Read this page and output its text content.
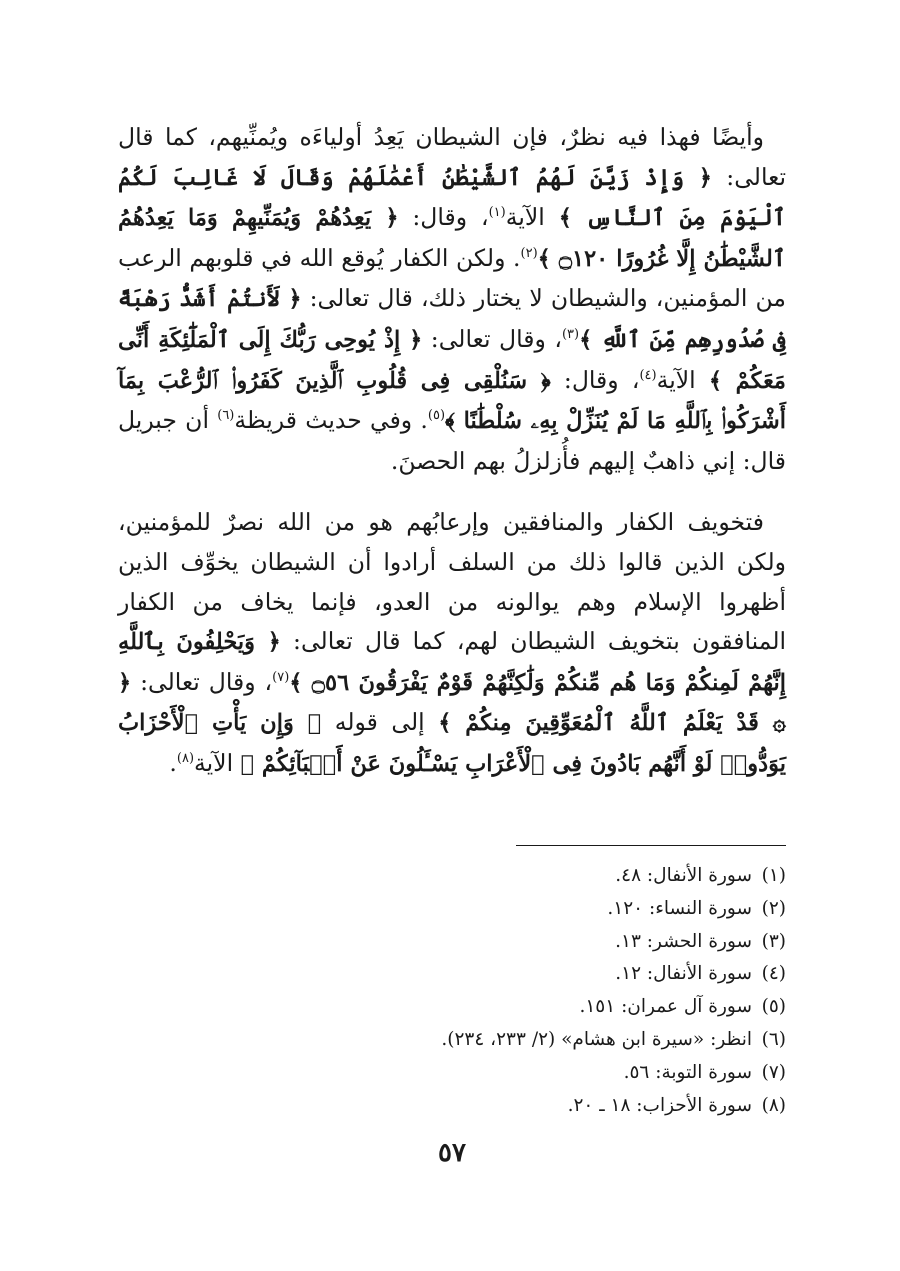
وأيضًا فهذا فيه نظرٌ، فإن الشيطان يَعِدُ أولياءَه ويُمنِّيهم، كما قال تعالى: ﴿ وَإِذْ زَيَّنَ لَهُمُ ٱلشَّيْطَٰنُ أَعْمَٰلَهُمْ وَقَالَ لَا غَالِبَ لَكُمُ ٱلْيَوْمَ مِنَ ٱلنَّاسِ ﴾ الآية$^{(١)}$، وقال: ﴿ يَعِدُهُمْ وَيُمَنِّيهِمْ وَمَا يَعِدُهُمُ ٱلشَّيْطَٰنُ إِلَّا غُرُورًا ۝١٢٠ ﴾$^{(٢)}$. ولكن الكفار يُوقع الله في قلوبهم الرعب من المؤمنين، والشيطان لا يختار ذلك، قال تعالى: ﴿ لَأَنتُمْ أَشَدُّ رَهْبَةً فِى صُدُورِهِم مِّنَ ٱللَّهِ ﴾$^{(٣)}$، وقال تعالى: ﴿ إِذْ يُوحِى رَبُّكَ إِلَى ٱلْمَلَٰٓئِكَةِ أَنِّى مَعَكُمْ ﴾ الآية$^{(٤)}$، وقال: ﴿ سَنُلْقِى فِى قُلُوبِ ٱلَّذِينَ كَفَرُوا۟ ٱلرُّعْبَ بِمَآ أَشْرَكُوا۟ بِٱللَّهِ مَا لَمْ يُنَزِّلْ بِهِۦ سُلْطَٰنًا ﴾$^{(٥)}$. وفي حديث قريظة$^{(٦)}$ أن جبريل قال: إني ذاهبٌ إليهم فأُزلزلُ بهم الحصنَ.

فتخويف الكفار والمنافقين وإرعابُهم هو من الله نصرٌ للمؤمنين، ولكن الذين قالوا ذلك من السلف أرادوا أن الشيطان يخوِّف الذين أظهروا الإسلام وهم يوالونه من العدو، فإنما يخاف من الكفار المنافقون بتخويف الشيطان لهم، كما قال تعالى: ﴿ وَيَحْلِفُونَ بِٱللَّهِ إِنَّهُمْ لَمِنكُمْ وَمَا هُم مِّنكُمْ وَلَٰكِنَّهُمْ قَوْمٌ يَفْرَقُونَ ۝٥٦ ﴾$^{(٧)}$، وقال تعالى: ﴿ ۞ قَدْ يَعْلَمُ ٱللَّهُ ٱلْمُعَوِّقِينَ مِنكُمْ ﴾ إلى قوله ﴿ وَإِن يَأْتِ ٱلْأَحْزَابُ يَوَدُّوا۟ لَوْ أَنَّهُم بَادُونَ فِى ٱلْأَعْرَابِ يَسْـَٔلُونَ عَنْ أَنۢبَآئِكُمْ ﴾ الآية$^{(٨)}$.

(١)سورة الأنفال: ٤٨.
(٢)سورة النساء: ١٢٠.
(٣)سورة الحشر: ١٣.
(٤)سورة الأنفال: ١٢.
(٥)سورة آل عمران: ١٥١.
(٦)انظر: «سيرة ابن هشام» (٢/ ٢٣٣، ٢٣٤).
(٧)سورة التوبة: ٥٦.
(٨)سورة الأحزاب: ١٨ ـ ٢٠.
٥٧
